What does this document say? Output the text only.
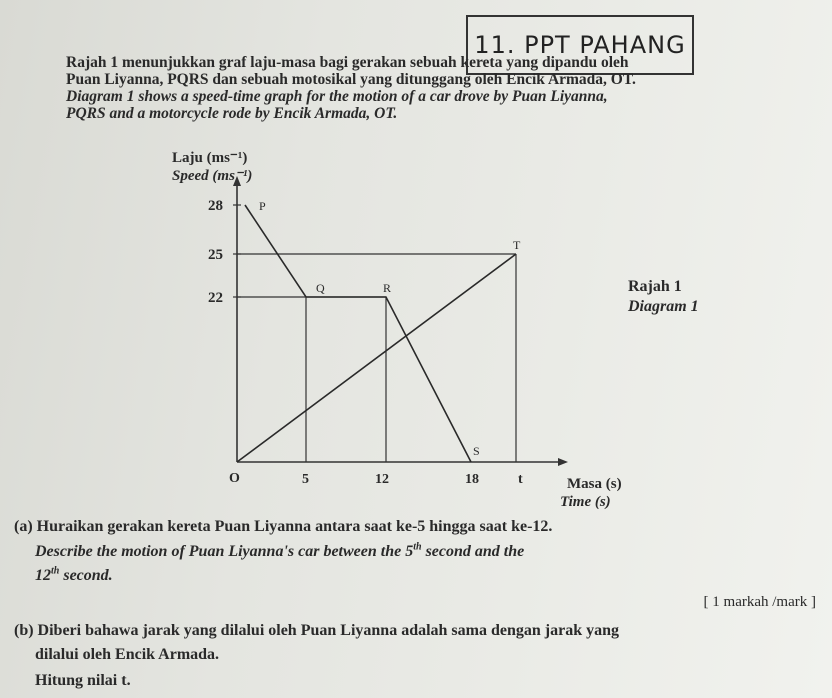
11. PPT PAHANG
Rajah 1 menunjukkan graf laju-masa bagi gerakan sebuah kereta yang dipandu oleh
Puan Liyanna, PQRS dan sebuah motosikal yang ditunggang oleh Encik Armada, OT.
Diagram 1 shows a speed-time graph for the motion of a car drove by Puan Liyanna,
PQRS and a motorcycle rode by Encik Armada, OT.
Laju (ms⁻¹)
Speed (ms⁻¹)
Masa (s)
Time (s)
28
25
22
O	5	12	18	t
P
Q	R
S
T
Rajah 1
Diagram 1
(a) Huraikan gerakan kereta Puan Liyanna antara saat ke-5 hingga saat ke-12.
Describe the motion of Puan Liyanna's car between the 5th second and the
12th second.
[ 1 markah /mark ]
(b) Diberi bahawa jarak yang dilalui oleh Puan Liyanna adalah sama dengan jarak yang
dilalui oleh Encik Armada.
Hitung nilai t.
